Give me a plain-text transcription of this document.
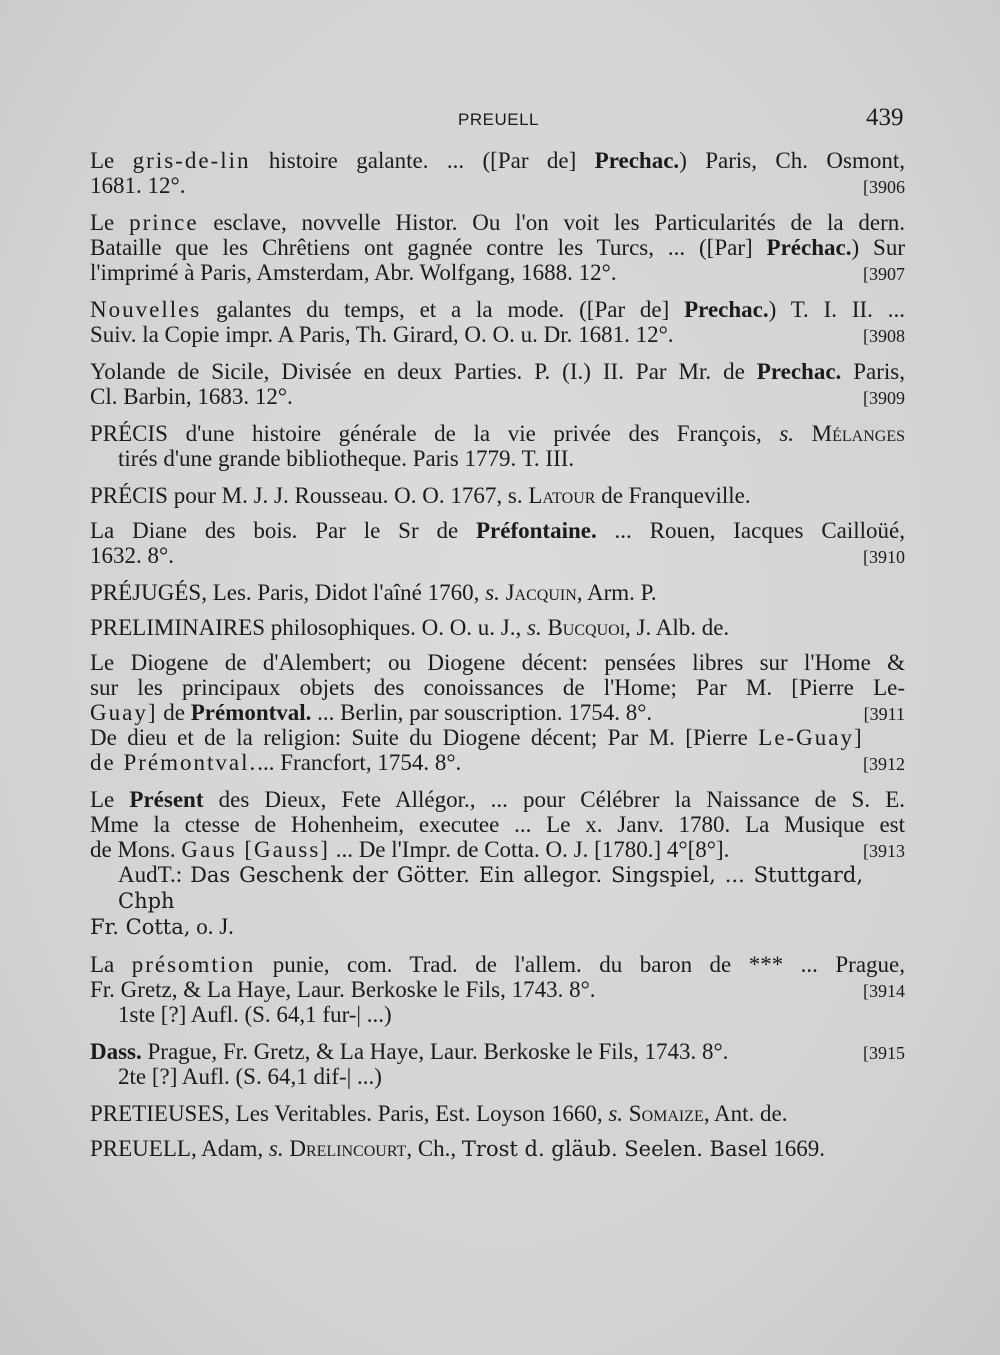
PREUELL	439
Le gris-de-lin histoire galante. ... ([Par de] Prechac.) Paris, Ch. Osmont,
1681. 12°.	[3906
Le prince esclave, novvelle Histor. Ou l'on voit les Particularités de la dern.
Bataille que les Chrêtiens ont gagnée contre les Turcs, ... ([Par] Préchac.) Sur
l'imprimé à Paris, Amsterdam, Abr. Wolfgang, 1688. 12°.	[3907
Nouvelles galantes du temps, et a la mode. ([Par de] Prechac.) T. I. II. ...
Suiv. la Copie impr. A Paris, Th. Girard, O. O. u. Dr. 1681. 12°.	[3908
Yolande de Sicile, Divisée en deux Parties. P. (I.) II. Par Mr. de Prechac. Paris,
Cl. Barbin, 1683. 12°.	[3909
PRÉCIS d'une histoire générale de la vie privée des François, s. Mélanges
tirés d'une grande bibliotheque. Paris 1779. T. III.
PRÉCIS pour M. J. J. Rousseau. O. O. 1767, s. Latour de Franqueville.
La Diane des bois. Par le Sr de Préfontaine. ... Rouen, Iacques Cailloüé,
1632. 8°.	[3910
PRÉJUGÉS, Les. Paris, Didot l'aîné 1760, s. Jacquin, Arm. P.
PRELIMINAIRES philosophiques. O. O. u. J., s. Bucquoi, J. Alb. de.
Le Diogene de d'Alembert; ou Diogene décent: pensées libres sur l'Home &
sur les principaux objets des conoissances de l'Home; Par M. [Pierre Le-
Guay] de Prémontval. ... Berlin, par souscription. 1754. 8°.	[3911
De dieu et de la religion: Suite du Diogene décent; Par M. [Pierre Le-Guay]
de Prémontval.... Francfort, 1754. 8°.	[3912
Le Présent des Dieux, Fete Allégor., ... pour Célébrer la Naissance de S. E.
Mme la ctesse de Hohenheim, executee ... Le x. Janv. 1780. La Musique est
de Mons. Gaus [Gauss] ... De l'Impr. de Cotta. O. J. [1780.] 4°[8°].	[3913
AudT.: Das Geschenk der Götter. Ein allegor. Singspiel, ... Stuttgard, Chph
Fr. Cotta, o. J.
La présomtion punie, com. Trad. de l'allem. du baron de *** ... Prague,
Fr. Gretz, & La Haye, Laur. Berkoske le Fils, 1743. 8°.	[3914
1ste [?] Aufl. (S. 64,1 fur-| ...)
Dass. Prague, Fr. Gretz, & La Haye, Laur. Berkoske le Fils, 1743. 8°.	[3915
2te [?] Aufl. (S. 64,1 dif-| ...)
PRETIEUSES, Les Veritables. Paris, Est. Loyson 1660, s. Somaize, Ant. de.
PREUELL, Adam, s. Drelincourt, Ch., Trost d. gläub. Seelen. Basel 1669.
